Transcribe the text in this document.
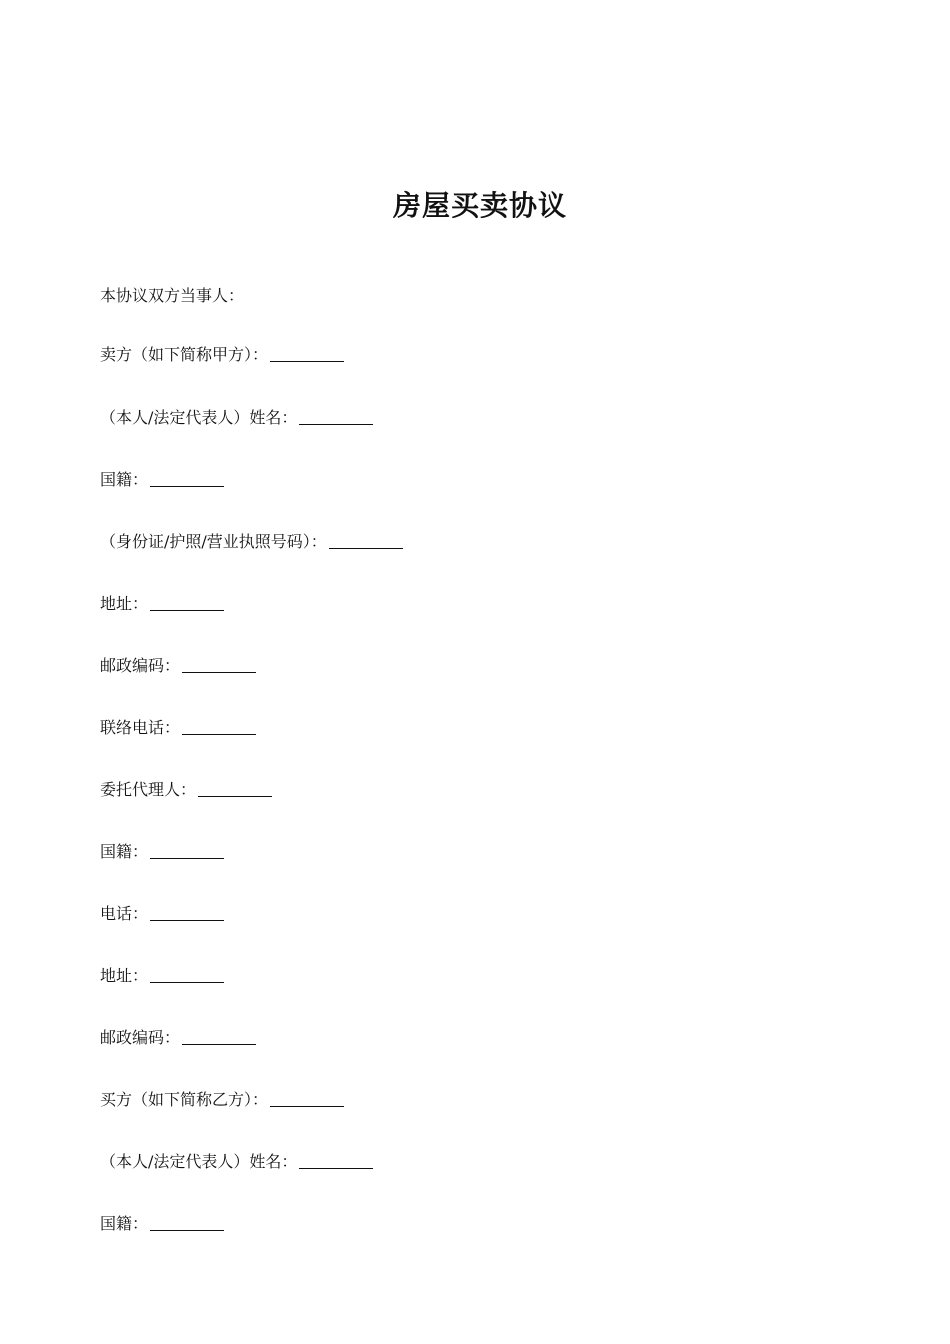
房屋买卖协议
本协议双方当事人：
卖方（如下简称甲方）：
（本人/法定代表人）姓名：
国籍：
（身份证/护照/营业执照号码）：
地址：
邮政编码：
联络电话：
委托代理人：
国籍：
电话：
地址：
邮政编码：
买方（如下简称乙方）：
（本人/法定代表人）姓名：
国籍：
